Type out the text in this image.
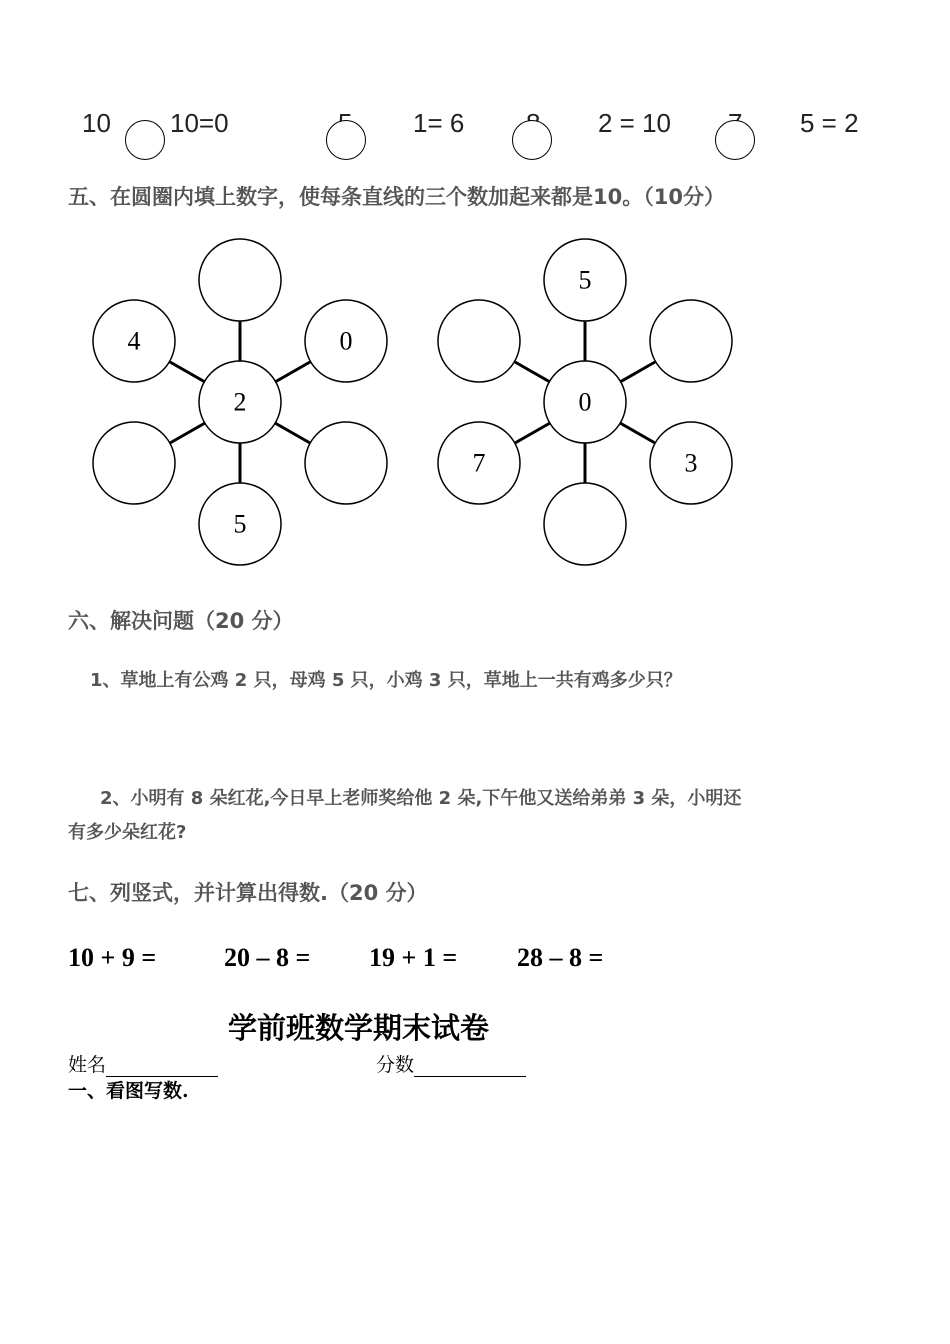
10 10=0	1= 6	2 = 10	5 = 2
五、在圆圈内填上数字，使每条直线的三个数加起来都是10。（10分）
2
4	0
5
0
5
7	3
六、解决问题（20 分）
1、草地上有公鸡 2 只，母鸡 5 只，小鸡 3 只，草地上一共有鸡多少只？
2、小明有 8 朵红花,今日早上老师奖给他 2 朵,下午他又送给弟弟 3 朵，小明还
有多少朵红花?
七、列竖式，并计算出得数.（20 分）
10 + 9 =	20 – 8 = 19 + 1 = 28 – 8 =
学前班数学期末试卷
姓名	分数
一、看图写数.
